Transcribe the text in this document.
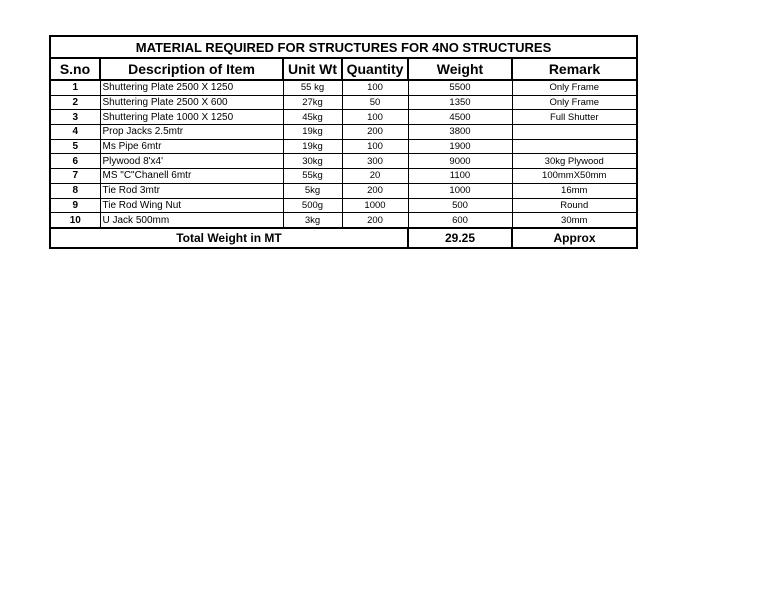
MATERIAL REQUIRED FOR STRUCTURES FOR 4NO STRUCTURES					
S.no	Description of Item	Unit Wt	Quantity	Weight	Remark
1	Shuttering Plate 2500 X 1250	55 kg	100	5500	Only Frame
2	Shuttering Plate 2500 X 600	27kg	50	1350	Only Frame
3	Shuttering Plate 1000 X 1250	45kg	100	4500	Full Shutter
4	Prop Jacks 2.5mtr	19kg	200	3800	
5	Ms Pipe 6mtr	19kg	100	1900	
6	Plywood 8'x4'	30kg	300	9000	30kg Plywood
7	MS "C"Chanell 6mtr	55kg	20	1100	100mmX50mm
8	Tie Rod 3mtr	5kg	200	1000	16mm
9	Tie Rod Wing Nut	500g	1000	500	Round
10	U Jack 500mm	3kg	200	600	30mm
Total Weight in MT				29.25	Approx
